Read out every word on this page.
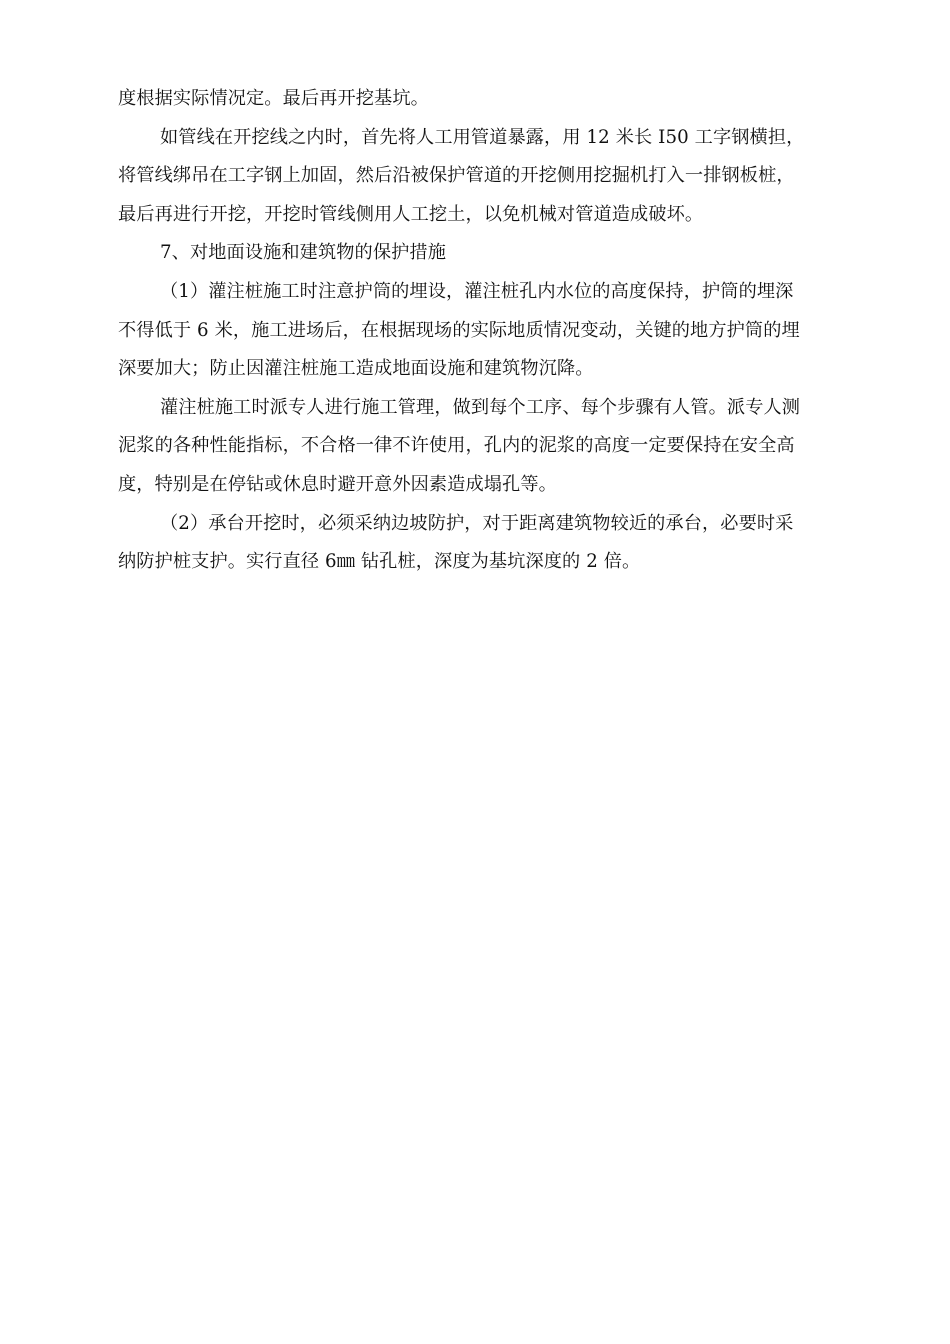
度根据实际情况定。最后再开挖基坑。
如管线在开挖线之内时，首先将人工用管道暴露，用 12 米长 I50 工字钢横担，
将管线绑吊在工字钢上加固，然后沿被保护管道的开挖侧用挖掘机打入一排钢板桩，
最后再进行开挖，开挖时管线侧用人工挖土，以免机械对管道造成破坏。
7、对地面设施和建筑物的保护措施
（1）灌注桩施工时注意护筒的埋设，灌注桩孔内水位的高度保持，护筒的埋深
不得低于 6 米，施工进场后，在根据现场的实际地质情况变动，关键的地方护筒的埋
深要加大；防止因灌注桩施工造成地面设施和建筑物沉降。
灌注桩施工时派专人进行施工管理，做到每个工序、每个步骤有人管。派专人测
泥浆的各种性能指标，不合格一律不许使用，孔内的泥浆的高度一定要保持在安全高
度，特别是在停钻或休息时避开意外因素造成塌孔等。
（2）承台开挖时，必须采纳边坡防护，对于距离建筑物较近的承台，必要时采
纳防护桩支护。实行直径 6㎜ 钻孔桩，深度为基坑深度的 2 倍。
